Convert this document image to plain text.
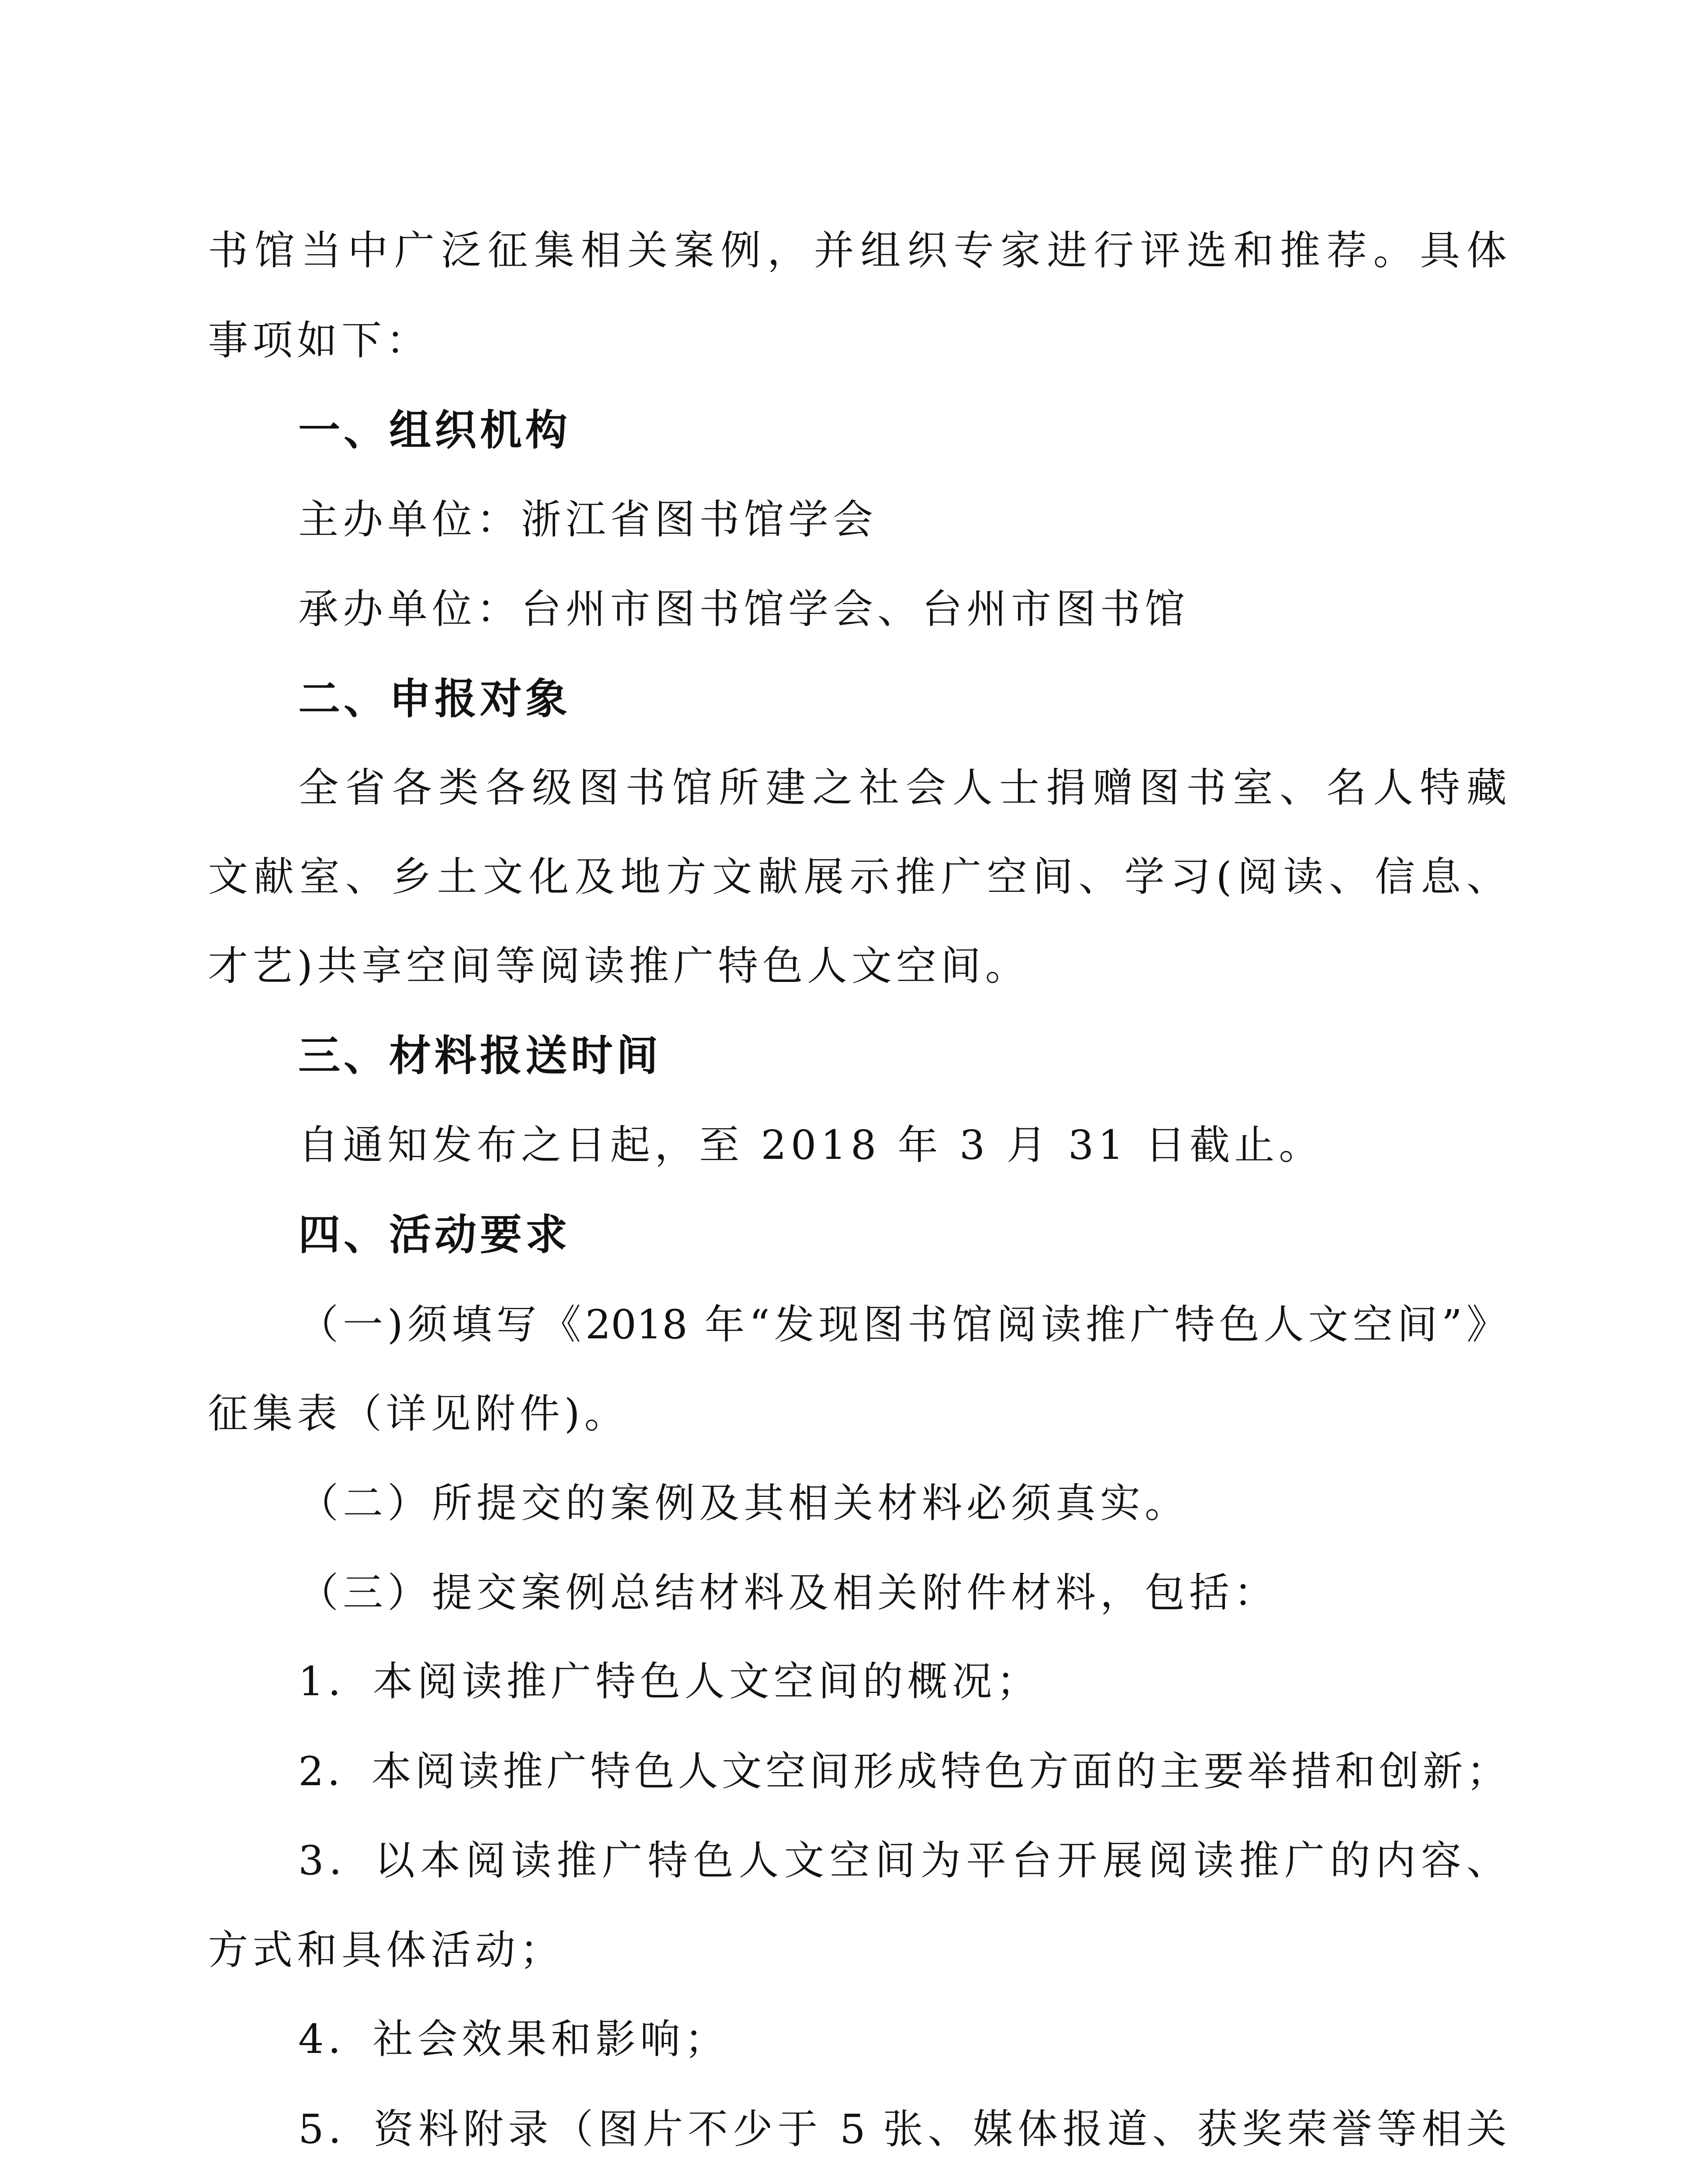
书馆当中广泛征集相关案例，并组织专家进行评选和推荐。具体
事项如下：
一、组织机构
主办单位：浙江省图书馆学会
承办单位：台州市图书馆学会、台州市图书馆
二、申报对象
全省各类各级图书馆所建之社会人士捐赠图书室、名人特藏
文献室、乡土文化及地方文献展示推广空间、学习(阅读、信息、
才艺)共享空间等阅读推广特色人文空间。
三、材料报送时间
自通知发布之日起，至 2018 年 3 月 31 日截止。
四、活动要求
（一)须填写《2018 年“发现图书馆阅读推广特色人文空间”》
征集表（详见附件)。
（二）所提交的案例及其相关材料必须真实。
（三）提交案例总结材料及相关附件材料，包括：
1．本阅读推广特色人文空间的概况；
2．本阅读推广特色人文空间形成特色方面的主要举措和创新；
3．以本阅读推广特色人文空间为平台开展阅读推广的内容、
方式和具体活动；
4．社会效果和影响；
5．资料附录（图片不少于 5 张、媒体报道、获奖荣誉等相关
